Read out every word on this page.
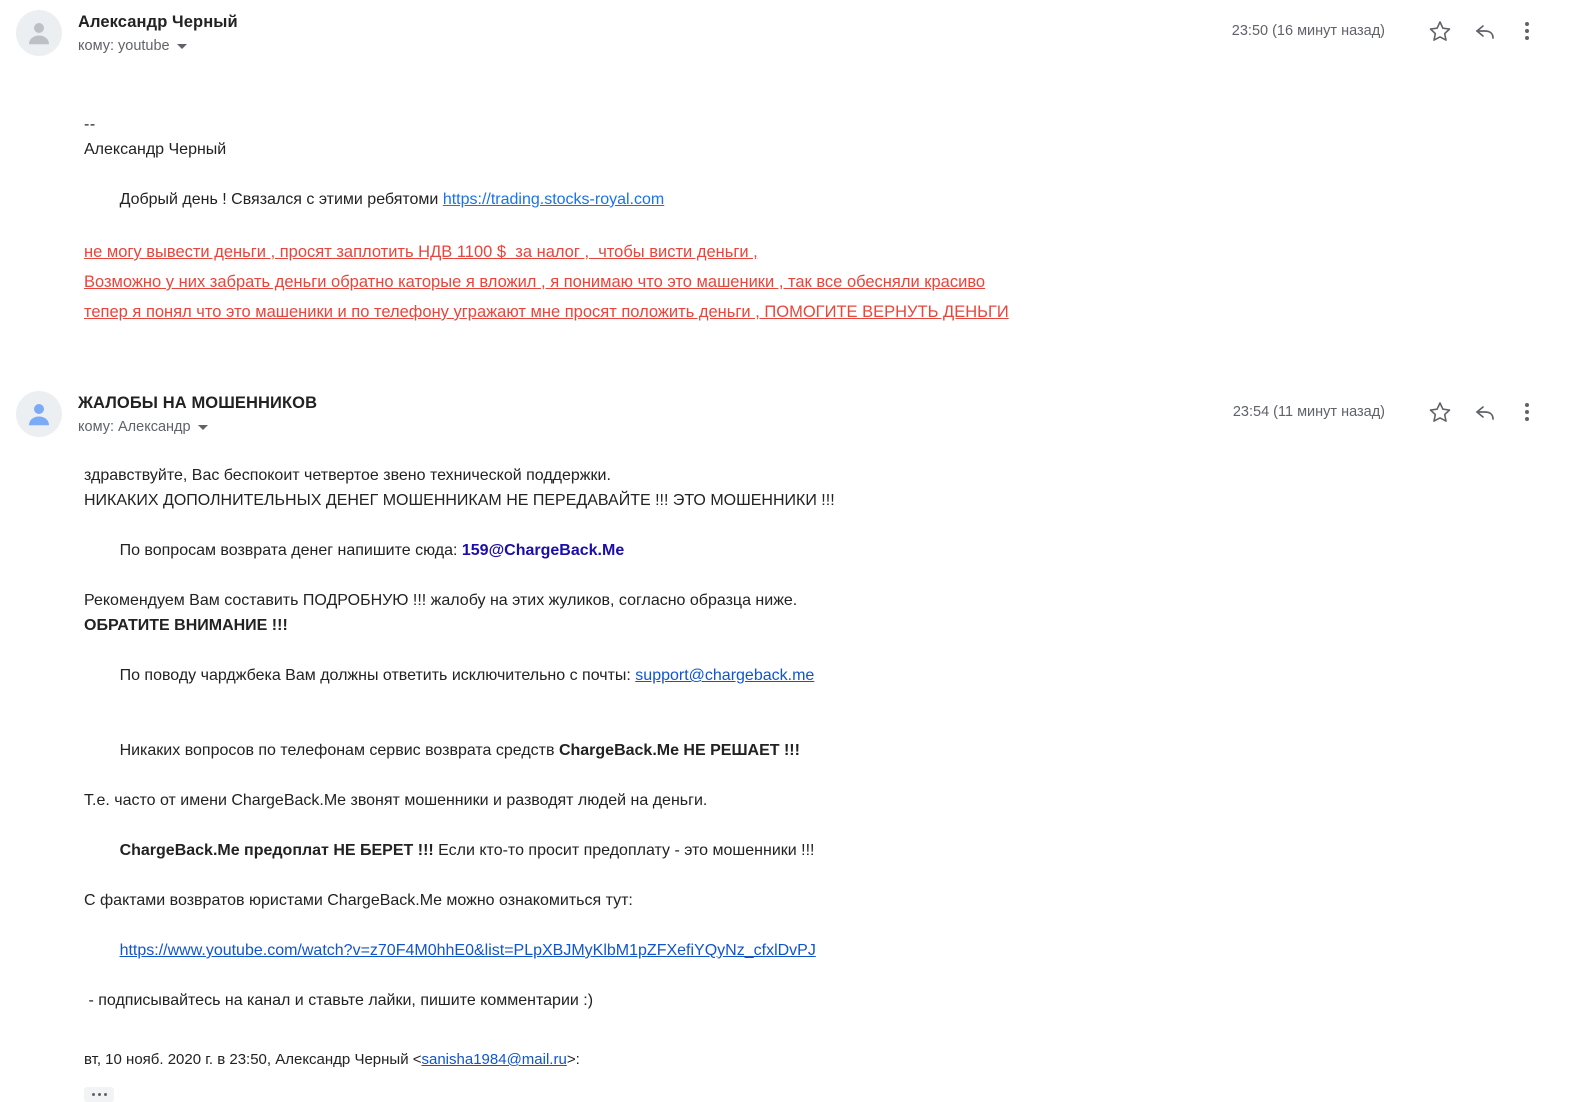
Александр Черный
кому: youtube
23:50 (16 минут назад)
--
Александр Черный

Добрый день ! Связался с этими ребятоми https://trading.stocks-royal.com

не могу вывести деньги , просят заплотить НДВ 1100 $  за налог ,  чтобы висти деньги ,
Возможно у них забрать деньги обратно каторые я вложил , я понимаю что это машеники , так все обесняли красиво
тепер я понял что это машеники и по телефону угражают мне просят положить деньги , ПОМОГИТЕ ВЕРНУТЬ ДЕНЬГИ
ЖАЛОБЫ НА МОШЕННИКОВ
кому: Александр
23:54 (11 минут назад)
здравствуйте, Вас беспокоит четвертое звено технической поддержки.
НИКАКИХ ДОПОЛНИТЕЛЬНЫХ ДЕНЕГ МОШЕННИКАМ НЕ ПЕРЕДАВАЙТЕ !!! ЭТО МОШЕННИКИ !!!

По вопросам возврата денег напишите сюда: 159@ChargeBack.Me

Рекомендуем Вам составить ПОДРОБНУЮ !!! жалобу на этих жуликов, согласно образца ниже.
ОБРАТИТЕ ВНИМАНИЕ !!!

По поводу чарджбека Вам должны ответить исключительно с почты: support@chargeback.me

Никаких вопросов по телефонам сервис возврата средств ChargeBack.Me НЕ РЕШАЕТ !!!

Т.е. часто от имени ChargeBack.Me звонят мошенники и разводят людей на деньги.

ChargeBack.Me предоплат НЕ БЕРЕТ !!! Если кто-то просит предоплату - это мошенники !!!

С фактами возвратов юристами ChargeBack.Me можно ознакомиться тут:

https://www.youtube.com/watch?v=z70F4M0hhE0&list=PLpXBJMyKlbM1pZFXefiYQyNz_cfxlDvPJ

- подписывайтесь на канал и ставьте лайки, пишите комментарии :)
вт, 10 нояб. 2020 г. в 23:50, Александр Черный <sanisha1984@mail.ru>:
